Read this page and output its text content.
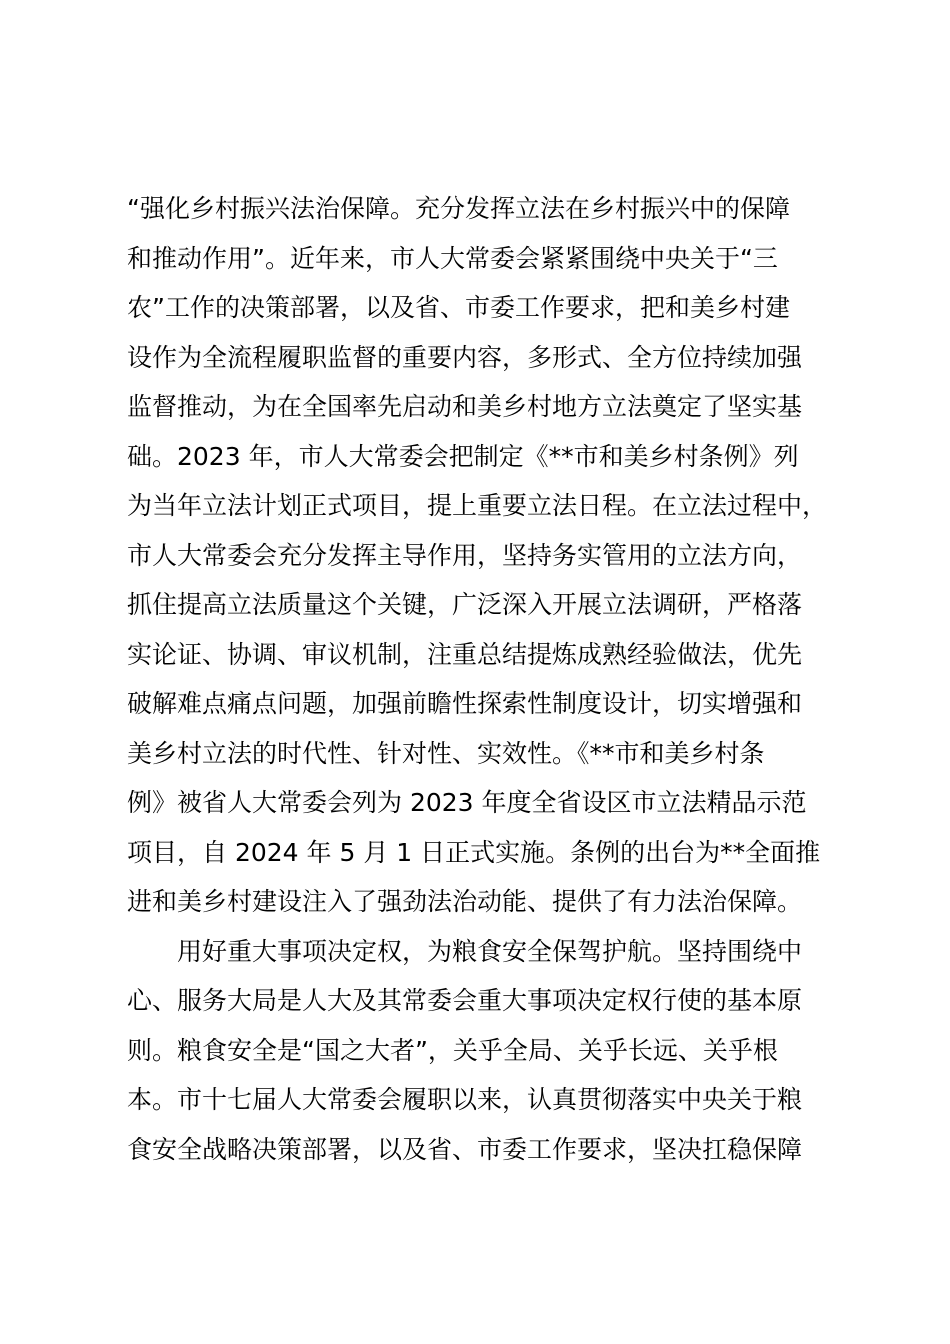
“强化乡村振兴法治保障。充分发挥立法在乡村振兴中的保障
和推动作用”。近年来，市人大常委会紧紧围绕中央关于“三
农”工作的决策部署，以及省、市委工作要求，把和美乡村建
设作为全流程履职监督的重要内容，多形式、全方位持续加强
监督推动，为在全国率先启动和美乡村地方立法奠定了坚实基
础。2023 年，市人大常委会把制定《**市和美乡村条例》列
为当年立法计划正式项目，提上重要立法日程。在立法过程中，
市人大常委会充分发挥主导作用，坚持务实管用的立法方向，
抓住提高立法质量这个关键，广泛深入开展立法调研，严格落
实论证、协调、审议机制，注重总结提炼成熟经验做法，优先
破解难点痛点问题，加强前瞻性探索性制度设计，切实增强和
美乡村立法的时代性、针对性、实效性。《**市和美乡村条
例》被省人大常委会列为 2023 年度全省设区市立法精品示范
项目，自 2024 年 5 月 1 日正式实施。条例的出台为**全面推
进和美乡村建设注入了强劲法治动能、提供了有力法治保障。
用好重大事项决定权，为粮食安全保驾护航。坚持围绕中
心、服务大局是人大及其常委会重大事项决定权行使的基本原
则。粮食安全是“国之大者”，关乎全局、关乎长远、关乎根
本。市十七届人大常委会履职以来，认真贯彻落实中央关于粮
食安全战略决策部署，以及省、市委工作要求，坚决扛稳保障
